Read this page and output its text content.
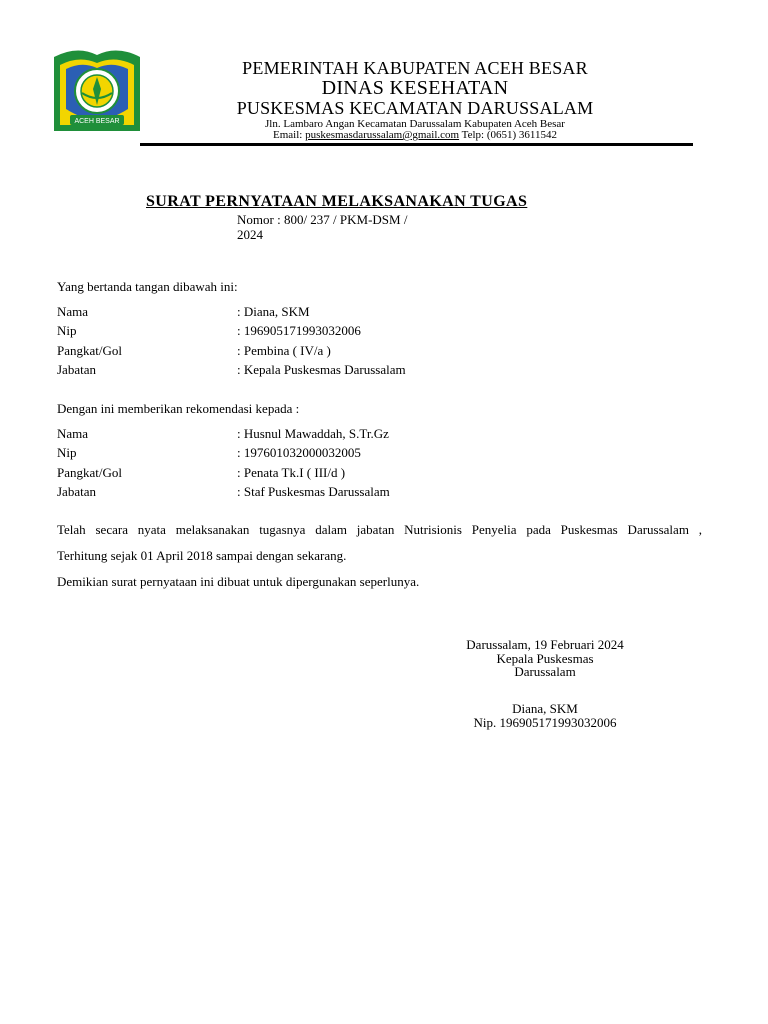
ACEH BESAR
PEMERINTAH KABUPATEN ACEH BESAR
DINAS KESEHATAN
PUSKESMAS KECAMATAN DARUSSALAM
Jln. Lambaro Angan Kecamatan Darussalam Kabupaten Aceh Besar
Email: puskesmasdarussalam@gmail.com Telp: (0651) 3611542
SURAT PERNYATAAN MELAKSANAKAN TUGAS
Nomor : 800/ 237 / PKM-DSM /
2024
Yang bertanda tangan dibawah ini:
Nama	: Diana, SKM
Nip	: 196905171993032006
Pangkat/Gol	: Pembina ( IV/a )
Jabatan	: Kepala Puskesmas Darussalam
Dengan ini memberikan rekomendasi kepada :
Nama	: Husnul Mawaddah, S.Tr.Gz
Nip	: 197601032000032005
Pangkat/Gol	: Penata Tk.I ( III/d )
Jabatan	: Staf Puskesmas Darussalam
Telah secara nyata melaksanakan tugasnya dalam jabatan Nutrisionis Penyelia pada Puskesmas Darussalam ,
Terhitung sejak 01 April 2018 sampai dengan sekarang.
Demikian surat pernyataan ini dibuat untuk dipergunakan seperlunya.
Darussalam, 19 Februari 2024
Kepala Puskesmas
Darussalam
Diana, SKM
Nip. 196905171993032006
